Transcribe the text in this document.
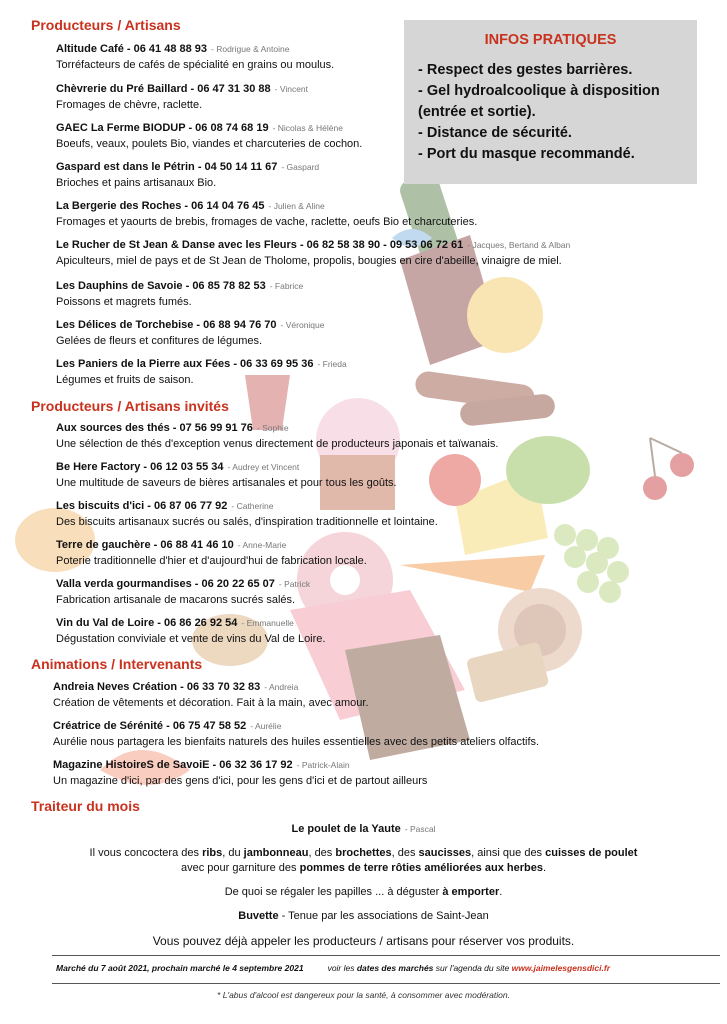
Producteurs / Artisans
Altitude Café - 06 41 48 88 93 - Rodrigue & Antoine
Torréfacteurs de cafés de spécialité en grains ou moulus.
Chèvrerie du Pré Baillard - 06 47 31 30 88 - Vincent
Fromages de chèvre, raclette.
GAEC La Ferme BIODUP - 06 08 74 68 19 - Nicolas & Hélène
Boeufs, veaux, poulets Bio, viandes et charcuteries de cochon.
Gaspard est dans le Pétrin - 04 50 14 11 67 - Gaspard
Brioches et pains artisanaux Bio.
La Bergerie des Roches - 06 14 04 76 45 - Julien & Aline
Fromages et yaourts de brebis, fromages de vache, raclette, oeufs Bio et charcuteries.
Le Rucher de St Jean & Danse avec les Fleurs - 06 82 58 38 90 - 09 53 06 72 61 - Jacques, Bertand & Alban
Apiculteurs, miel de pays et de St Jean de Tholome, propolis, bougies en cire d'abeille, vinaigre de miel.
Les Dauphins de Savoie - 06 85 78 82 53 - Fabrice
Poissons et magrets fumés.
Les Délices de Torchebise - 06 88 94 76 70 - Véronique
Gelées de fleurs et confitures de légumes.
Les Paniers de la Pierre aux Fées - 06 33 69 95 36 - Frieda
Légumes et fruits de saison.
INFOS PRATIQUES
- Respect des gestes barrières.
- Gel hydroalcoolique à disposition
(entrée et sortie).
- Distance de sécurité.
- Port du masque recommandé.
Producteurs / Artisans invités
Aux sources des thés - 07 56 99 91 76 - Sophie
Une sélection de thés d'exception venus directement de producteurs japonais et taïwanais.
Be Here Factory - 06 12 03 55 34 - Audrey et Vincent
Une multitude de saveurs de bières artisanales et pour tous les goûts.
Les biscuits d'ici - 06 87 06 77 92 - Catherine
Des biscuits artisanaux sucrés ou salés, d'inspiration traditionnelle et lointaine.
Terre de gauchère - 06 88 41 46 10 - Anne-Marie
Poterie traditionnelle d'hier et d'aujourd'hui de fabrication locale.
Valla verda gourmandises - 06 20 22 65 07 - Patrick
Fabrication artisanale de macarons sucrés salés.
Vin du Val de Loire - 06 86 26 92 54 - Emmanuelle
Dégustation conviviale et vente de vins du Val de Loire.
Animations / Intervenants
Andreia Neves Création - 06 33 70 32 83 - Andreia
Création de vêtements et décoration. Fait à la main, avec amour.
Créatrice de Sérénité - 06 75 47 58 52 - Aurélie
Aurélie nous partagera les bienfaits naturels des huiles essentielles avec des petits ateliers olfactifs.
Magazine HistoireS de SavoiE - 06 32 36 17 92 - Patrick-Alain
Un magazine d'ici, par des gens d'ici, pour les gens d'ici et de partout ailleurs
Traiteur du mois
Le poulet de la Yaute - Pascal
Il vous concoctera des ribs, du jambonneau, des brochettes, des saucisses, ainsi que des cuisses de poulet
avec pour garniture des pommes de terre rôties améliorées aux herbes.
De quoi se régaler les papilles ... à déguster à emporter.
Buvette - Tenue par les associations de Saint-Jean
Vous pouvez déjà appeler les producteurs / artisans pour réserver vos produits.
Marché du 7 août 2021, prochain marché le 4 septembre 2021	voir les dates des marchés sur l'agenda du site www.jaimelesgensdici.fr
* L'abus d'alcool est dangereux pour la santé, à consommer avec modération.
